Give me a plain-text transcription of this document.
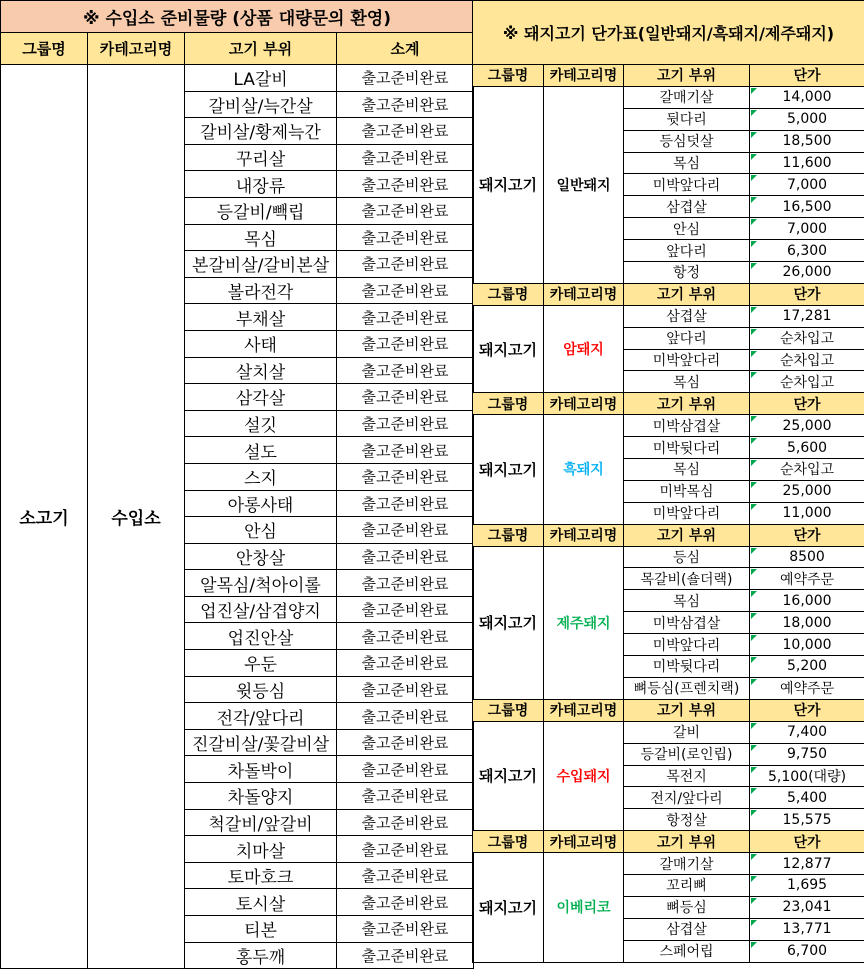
※ 수입소 준비물량 (상품 대량문의 환영)			
그룹명	카테고리명	고기 부위	소계
소고기	수입소	LA갈비	출고준비완료
		갈비살/늑간살	출고준비완료
		갈비살/황제늑간	출고준비완료
		꾸리살	출고준비완료
		내장류	출고준비완료
		등갈비/빽립	출고준비완료
		목심	출고준비완료
		본갈비살/갈비본살	출고준비완료
		볼라전각	출고준비완료
		부채살	출고준비완료
		사태	출고준비완료
		살치살	출고준비완료
		삼각살	출고준비완료
		설깃	출고준비완료
		설도	출고준비완료
		스지	출고준비완료
		아롱사태	출고준비완료
		안심	출고준비완료
		안창살	출고준비완료
		알목심/척아이롤	출고준비완료
		업진살/삼겹양지	출고준비완료
		업진안살	출고준비완료
		우둔	출고준비완료
		윗등심	출고준비완료
		전각/앞다리	출고준비완료
		진갈비살/꽃갈비살	출고준비완료
		차돌박이	출고준비완료
		차돌양지	출고준비완료
		척갈비/앞갈비	출고준비완료
		치마살	출고준비완료
		토마호크	출고준비완료
		토시살	출고준비완료
		티본	출고준비완료
		홍두깨	출고준비완료
※ 돼지고기 단가표(일반돼지/흑돼지/제주돼지)			
그룹명	카테고리명	고기 부위	단가
돼지고기	일반돼지	갈매기살	14,000
		뒷다리	5,000
		등심덧살	18,500
		목심	11,600
		미박앞다리	7,000
		삼겹살	16,500
		안심	7,000
		앞다리	6,300
		항정	26,000
그룹명	카테고리명	고기 부위	단가
돼지고기	암돼지	삼겹살	17,281
		앞다리	순차입고
		미박앞다리	순차입고
		목심	순차입고
그룹명	카테고리명	고기 부위	단가
돼지고기	흑돼지	미박삼겹살	25,000
		미박뒷다리	5,600
		목심	순차입고
		미박목심	25,000
		미박앞다리	11,000
그룹명	카테고리명	고기 부위	단가
돼지고기	제주돼지	등심	8500
		목갈비(숄더랙)	예약주문
		목심	16,000
		미박삼겹살	18,000
		미박앞다리	10,000
		미박뒷다리	5,200
		뼈등심(프렌치랙)	예약주문
그룹명	카테고리명	고기 부위	단가
돼지고기	수입돼지	갈비	7,400
		등갈비(로인립)	9,750
		목전지	5,100(대량)
		전지/앞다리	5,400
		항정살	15,575
그룹명	카테고리명	고기 부위	단가
돼지고기	이베리코	갈매기살	12,877
		꼬리뼈	1,695
		뼈등심	23,041
		삼겹살	13,771
		스페어립	6,700
